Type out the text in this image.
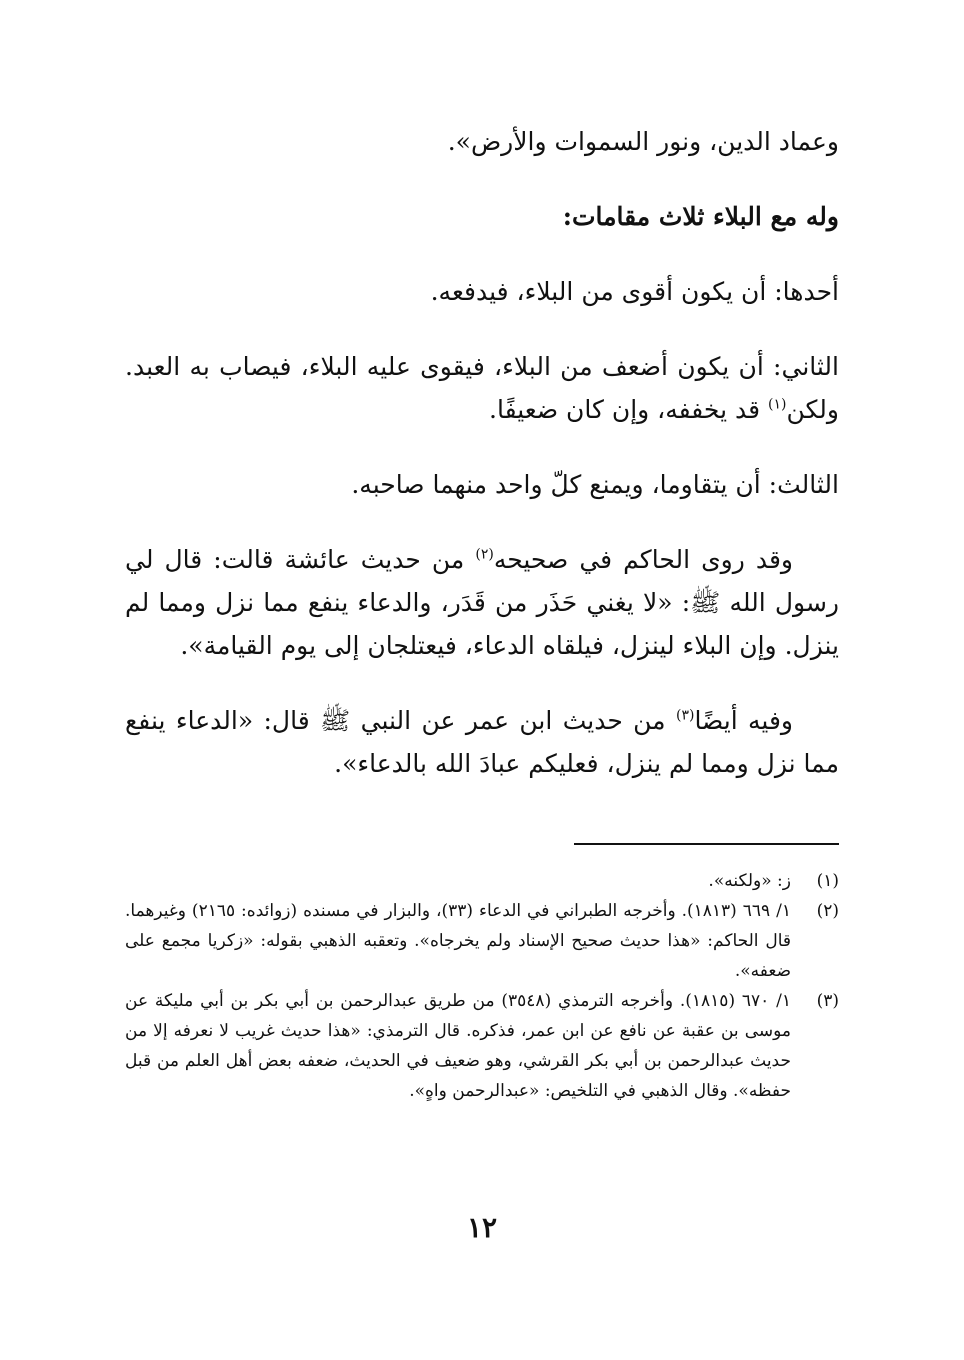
وعماد الدين، ونور السموات والأرض».

وله مع البلاء ثلاث مقامات:

أحدها: أن يكون أقوى من البلاء، فيدفعه.

الثاني: أن يكون أضعف من البلاء، فيقوى عليه البلاء، فيصاب به العبد. ولكن$^{(١)}$ قد يخففه، وإن كان ضعيفًا.

الثالث: أن يتقاوما، ويمنع كلّ واحد منهما صاحبه.

وقد روى الحاكم في صحيحه$^{(٢)}$ من حديث عائشة قالت: قال لي رسول الله ﷺ: «لا يغني حَذَر من قَدَر، والدعاء ينفع مما نزل ومما لم ينزل. وإن البلاء لينزل، فيلقاه الدعاء، فيعتلجان إلى يوم القيامة».

وفيه أيضًا$^{(٣)}$ من حديث ابن عمر عن النبي ﷺ قال: «الدعاء ينفع مما نزل ومما لم ينزل، فعليكم عبادَ الله بالدعاء».

(١)
ز: «ولكنه».
(٢)
١/ ٦٦٩ (١٨١٣). وأخرجه الطبراني في الدعاء (٣٣)، والبزار في مسنده (زوائده: ٢١٦٥) وغيرهما. قال الحاكم: «هذا حديث صحيح الإسناد ولم يخرجاه». وتعقبه الذهبي بقوله: «زكريا مجمع على ضعفه».
(٣)
١/ ٦٧٠ (١٨١٥). وأخرجه الترمذي (٣٥٤٨) من طريق عبدالرحمن بن أبي بكر بن أبي مليكة عن موسى بن عقبة عن نافع عن ابن عمر، فذكره. قال الترمذي: «هذا حديث غريب لا نعرفه إلا من حديث عبدالرحمن بن أبي بكر القرشي، وهو ضعيف في الحديث، ضعفه بعض أهل العلم من قبل حفظه». وقال الذهبي في التلخيص: «عبدالرحمن واهٍ».
١٢
